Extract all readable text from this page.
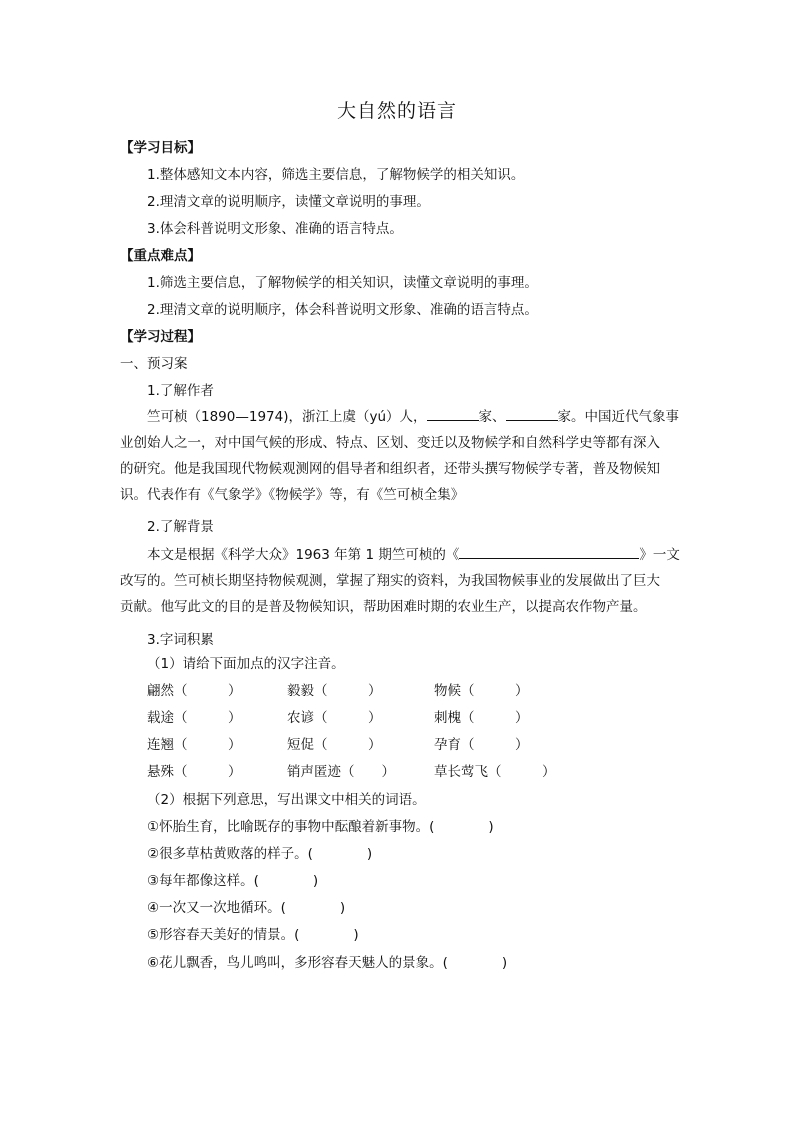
大自然的语言
【学习目标】
1.整体感知文本内容，筛选主要信息，了解物候学的相关知识。
2.理清文章的说明顺序，读懂文章说明的事理。
3.体会科普说明文形象、准确的语言特点。
【重点难点】
1.筛选主要信息，了解物候学的相关知识，读懂文章说明的事理。
2.理清文章的说明顺序，体会科普说明文形象、准确的语言特点。
【学习过程】
一、预习案
1.了解作者

竺可桢（1890—1974)，浙江上虞（yú）人，	家、	家。中国近代气象事

业创始人之一，对中国气候的形成、特点、区划、变迁以及物候学和自然科学史等都有深入

的研究。他是我国现代物候观测网的倡导者和组织者，还带头撰写物候学专著，普及物候知

识。代表作有《气象学》《物候学》等，有《竺可桢全集》

2.了解背景

本文是根据《科学大众》1963 年第 1 期竺可桢的《	》一文

改写的。竺可桢长期坚持物候观测，掌握了翔实的资料，为我国物候事业的发展做出了巨大

贡献。他写此文的目的是普及物候知识，帮助困难时期的农业生产，以提高农作物产量。

3.字词积累
（1）请给下面加点的汉字注音。
翩然（　　　）	毅毅（　　　）	物候（　　　）
载途（　　　）	农谚（　　　）	刺槐（　　　）
连翘（　　　）	短促（　　　）	孕育（　　　）
悬殊（　　　）	销声匿迹（　　）	草长莺飞（　　　）
（2）根据下列意思，写出课文中相关的词语。
①怀胎生育，比喻既存的事物中酝酿着新事物。(　　　　)
②很多草枯黄败落的样子。(　　　　)
③每年都像这样。(　　　　)
④一次又一次地循环。(　　　　)
⑤形容春天美好的情景。(　　　　)
⑥花儿飘香，鸟儿鸣叫，多形容春天魅人的景象。(　　　　)
